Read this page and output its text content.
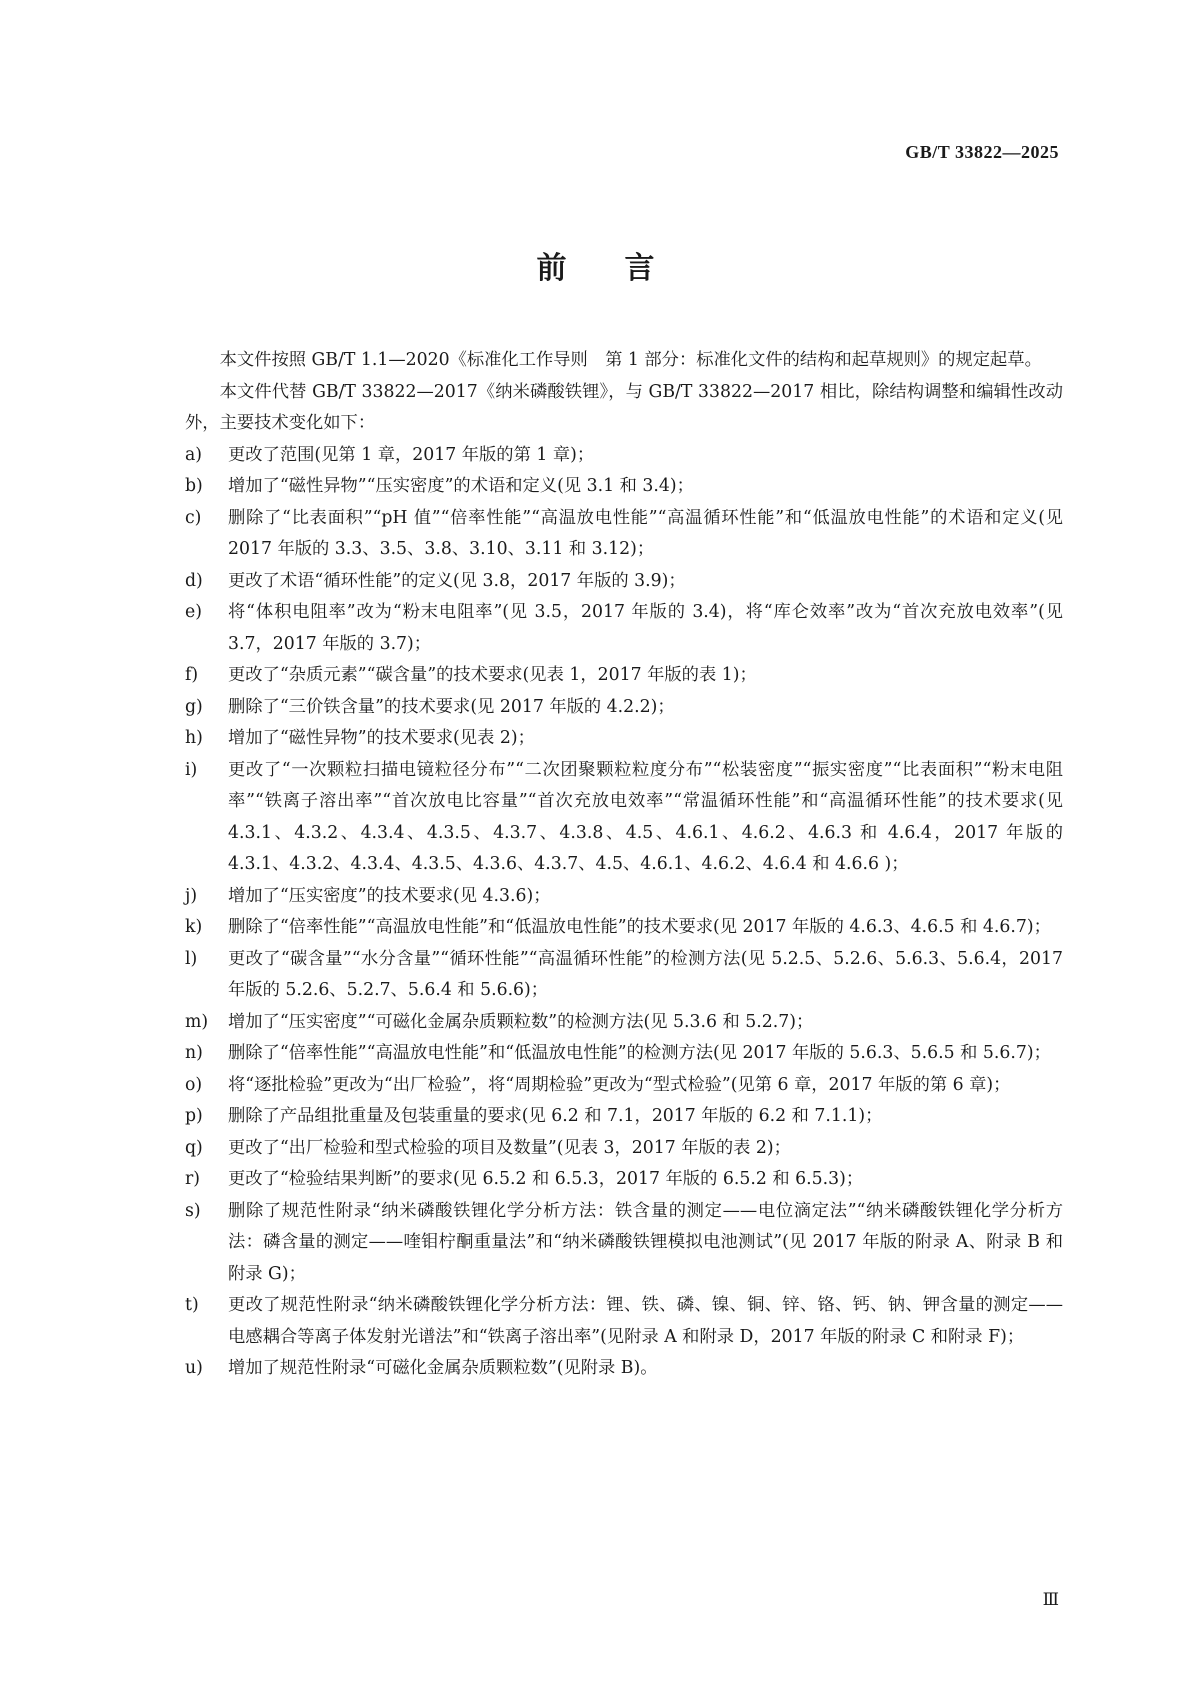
GB/T 33822—2025
前 言

本文件按照 GB/T 1.1—2020《标准化工作导则　第 1 部分：标准化文件的结构和起草规则》的规定起草。

本文件代替 GB/T 33822—2017《纳米磷酸铁锂》，与 GB/T 33822—2017 相比，除结构调整和编辑性改动外，主要技术变化如下：

a)	更改了范围(见第 1 章，2017 年版的第 1 章)；
b)	增加了“磁性异物”“压实密度”的术语和定义(见 3.1 和 3.4)；
c)	删除了“比表面积”“pH 值”“倍率性能”“高温放电性能”“高温循环性能”和“低温放电性能”的术语和定义(见 2017 年版的 3.3、3.5、3.8、3.10、3.11 和 3.12)；
d)	更改了术语“循环性能”的定义(见 3.8，2017 年版的 3.9)；
e)	将“体积电阻率”改为“粉末电阻率”(见 3.5，2017 年版的 3.4)，将“库仑效率”改为“首次充放电效率”(见 3.7，2017 年版的 3.7)；
f)	更改了“杂质元素”“碳含量”的技术要求(见表 1，2017 年版的表 1)；
g)	删除了“三价铁含量”的技术要求(见 2017 年版的 4.2.2)；
h)	增加了“磁性异物”的技术要求(见表 2)；
i)	更改了“一次颗粒扫描电镜粒径分布”“二次团聚颗粒粒度分布”“松装密度”“振实密度”“比表面积”“粉末电阻率”“铁离子溶出率”“首次放电比容量”“首次充放电效率”“常温循环性能”和“高温循环性能”的技术要求(见 4.3.1、4.3.2、4.3.4、4.3.5、4.3.7、4.3.8、4.5、4.6.1、4.6.2、4.6.3 和 4.6.4，2017 年版的 4.3.1、4.3.2、4.3.4、4.3.5、4.3.6、4.3.7、4.5、4.6.1、4.6.2、4.6.4 和 4.6.6 )；
j)	增加了“压实密度”的技术要求(见 4.3.6)；
k)	删除了“倍率性能”“高温放电性能”和“低温放电性能”的技术要求(见 2017 年版的 4.6.3、4.6.5 和 4.6.7)；
l)	更改了“碳含量”“水分含量”“循环性能”“高温循环性能”的检测方法(见 5.2.5、5.2.6、5.6.3、5.6.4，2017 年版的 5.2.6、5.2.7、5.6.4 和 5.6.6)；
m)	增加了“压实密度”“可磁化金属杂质颗粒数”的检测方法(见 5.3.6 和 5.2.7)；
n)	删除了“倍率性能”“高温放电性能”和“低温放电性能”的检测方法(见 2017 年版的 5.6.3、5.6.5 和 5.6.7)；
o)	将“逐批检验”更改为“出厂检验”，将“周期检验”更改为“型式检验”(见第 6 章，2017 年版的第 6 章)；
p)	删除了产品组批重量及包装重量的要求(见 6.2 和 7.1，2017 年版的 6.2 和 7.1.1)；
q)	更改了“出厂检验和型式检验的项目及数量”(见表 3，2017 年版的表 2)；
r)	更改了“检验结果判断”的要求(见 6.5.2 和 6.5.3，2017 年版的 6.5.2 和 6.5.3)；
s)	删除了规范性附录“纳米磷酸铁锂化学分析方法：铁含量的测定——电位滴定法”“纳米磷酸铁锂化学分析方法：磷含量的测定——喹钼柠酮重量法”和“纳米磷酸铁锂模拟电池测试”(见 2017 年版的附录 A、附录 B 和附录 G)；
t)	更改了规范性附录“纳米磷酸铁锂化学分析方法：锂、铁、磷、镍、铜、锌、铬、钙、钠、钾含量的测定——电感耦合等离子体发射光谱法”和“铁离子溶出率”(见附录 A 和附录 D，2017 年版的附录 C 和附录 F)；
u)	增加了规范性附录“可磁化金属杂质颗粒数”(见附录 B)。
Ⅲ
